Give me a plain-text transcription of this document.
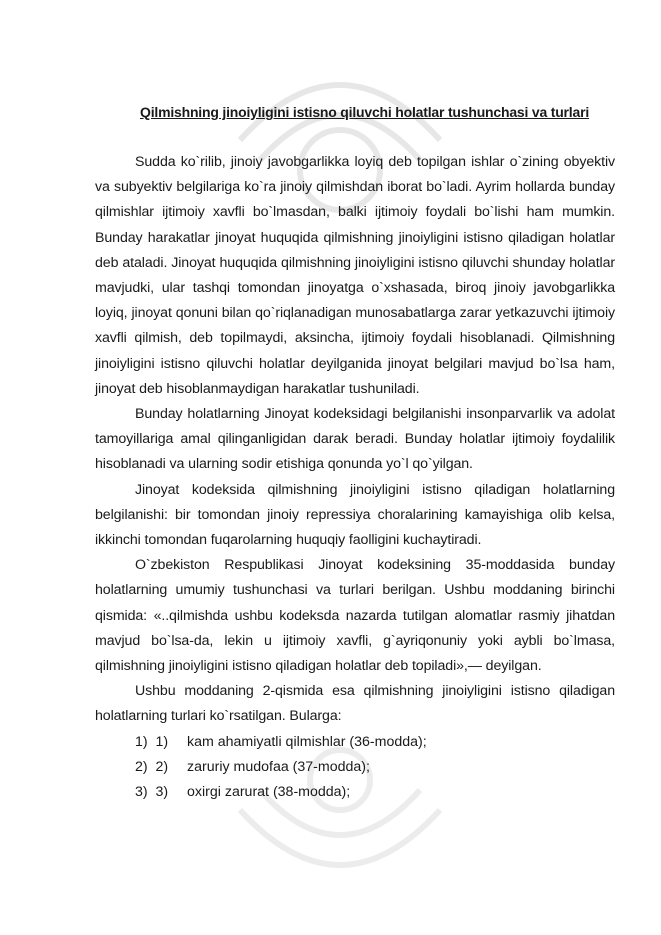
Qilmishning jinoiyligini istisno qiluvchi holatlar tushunchasi va turlari

Sudda ko`rilib, jinoiy javobgarlikka loyiq deb topilgan ishlar o`zining obyektiv va subyektiv belgilariga ko`ra jinoiy qilmishdan iborat bo`ladi. Ayrim hollarda bunday qilmishlar ijtimoiy xavfli bo`lmasdan, balki ijtimoiy foydali bo`lishi ham mumkin. Bunday harakatlar jinoyat huquqida qilmishning jinoiyligini istisno qiladigan holatlar deb ataladi. Jinoyat huquqida qilmishning jinoiyligini istisno qiluvchi shunday holatlar mavjudki, ular tashqi tomondan jinoyatga o`xshasada, biroq jinoiy javobgarlikka loyiq, jinoyat qonuni bilan qo`riqlanadigan munosabatlarga zarar yetkazuvchi ijtimoiy xavfli qilmish, deb topilmaydi, aksincha, ijtimoiy foydali hisoblanadi. Qilmishning jinoiyligini istisno qiluvchi holatlar deyilganida jinoyat belgilari mavjud bo`lsa ham, jinoyat deb hisoblanmaydigan harakatlar tushuniladi.

Bunday holatlarning Jinoyat kodeksidagi belgilanishi insonparvarlik va adolat tamoyillariga amal qilinganligidan darak beradi. Bunday holatlar ijtimoiy foydalilik hisoblanadi va ularning sodir etishiga qonunda yo`l qo`yilgan.

Jinoyat kodeksida qilmishning jinoiyligini istisno qiladigan holatlarning belgilanishi: bir tomondan jinoiy repressiya choralarining kamayishiga olib kelsa, ikkinchi tomondan fuqarolarning huquqiy faolligini kuchaytiradi.

O`zbekiston Respublikasi Jinoyat kodeksining 35-moddasida bunday holatlarning umumiy tushunchasi va turlari berilgan. Ushbu moddaning birinchi qismida: «..qilmishda ushbu kodeksda nazarda tutilgan alomatlar rasmiy jihatdan mavjud bo`lsa-da, lekin u ijtimoiy xavfli, g`ayriqonuniy yoki aybli bo`lmasa, qilmishning jinoiyligini istisno qiladigan holatlar deb topiladi»,— deyilgan.

Ushbu moddaning 2-qismida esa qilmishning jinoiyligini istisno qiladigan holatlarning turlari ko`rsatilgan. Bularga:

1)  1)	kam ahamiyatli qilmishlar (36-modda);
2)  2)	zaruriy mudofaa (37-modda);
3)  3)	oxirgi zarurat (38-modda);
